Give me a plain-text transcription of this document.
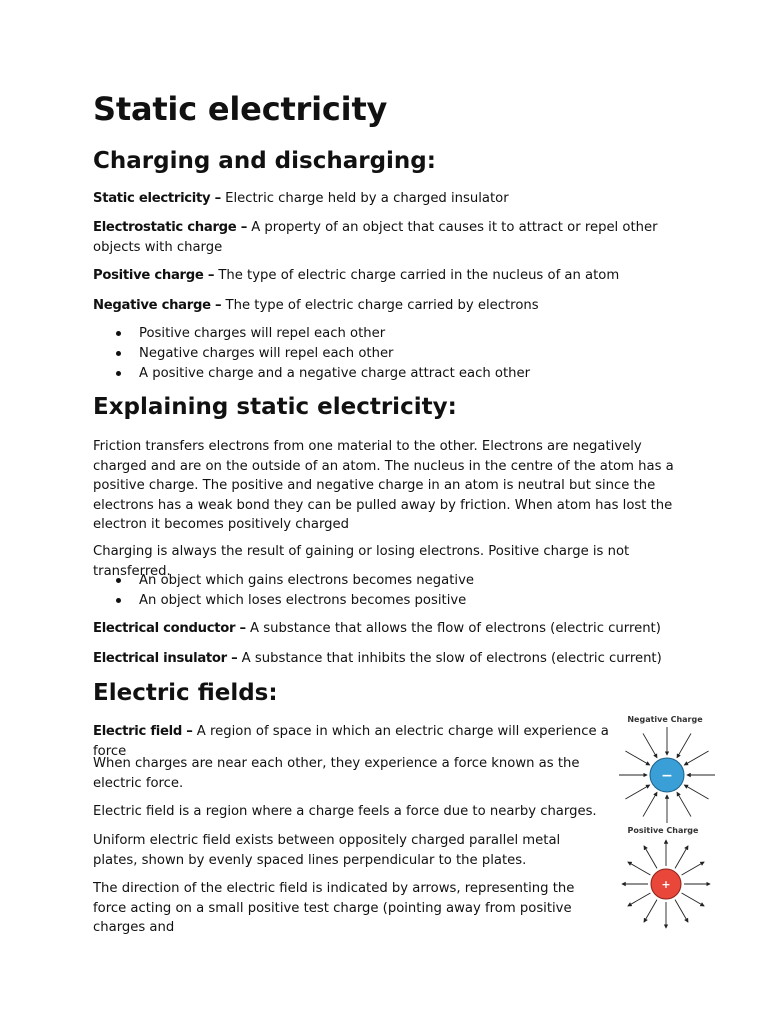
Static electricity
Charging and discharging:

Static electricity – Electric charge held by a charged insulator

Electrostatic charge – A property of an object that causes it to attract or repel other objects with charge

Positive charge – The type of electric charge carried in the nucleus of an atom

Negative charge – The type of electric charge carried by electrons

Positive charges will repel each other
Negative charges will repel each other
A positive charge and a negative charge attract each other
Explaining static electricity:

Friction transfers electrons from one material to the other. Electrons are negatively charged and are on the outside of an atom. The nucleus in the centre of the atom has a positive charge. The positive and negative charge in an atom is neutral but since the electrons has a weak bond they can be pulled away by friction. When atom has lost the electron it becomes positively charged

Charging is always the result of gaining or losing electrons. Positive charge is not transferred.

An object which gains electrons becomes negative
An object which loses electrons becomes positive

Electrical conductor – A substance that allows the flow of electrons (electric current)

Electrical insulator – A substance that inhibits the slow of electrons (electric current)

Electric fields:

Electric field – A region of space in which an electric charge will experience a force

When charges are near each other, they experience a force known as the electric force.

Electric field is a region where a charge feels a force due to nearby charges.

Uniform electric field exists between oppositely charged parallel metal plates, shown by evenly spaced lines perpendicular to the plates.

The direction of the electric field is indicated by arrows, representing the force acting on a small positive test charge (pointing away from positive charges and

Negative Charge
−
Positive Charge
+
